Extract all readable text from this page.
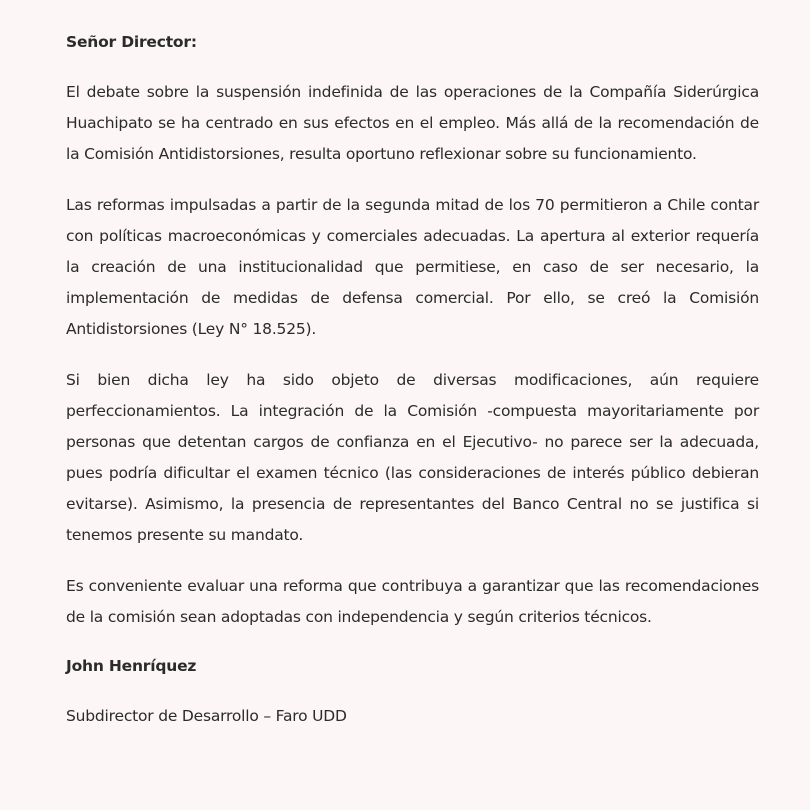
Señor Director:

El debate sobre la suspensión indefinida de las operaciones de la Compañía Siderúrgica Huachipato se ha centrado en sus efectos en el empleo. Más allá de la recomendación de la Comisión Antidistorsiones, resulta oportuno reflexionar sobre su funcionamiento.

Las reformas impulsadas a partir de la segunda mitad de los 70 permitieron a Chile contar con políticas macroeconómicas y comerciales adecuadas. La apertura al exterior requería la creación de una institucionalidad que permitiese, en caso de ser necesario, la implementación de medidas de defensa comercial. Por ello, se creó la Comisión Antidistorsiones (Ley N° 18.525).

Si bien dicha ley ha sido objeto de diversas modificaciones, aún requiere perfeccionamientos. La integración de la Comisión -compuesta mayoritariamente por personas que detentan cargos de confianza en el Ejecutivo- no parece ser la adecuada, pues podría dificultar el examen técnico (las consideraciones de interés público debieran evitarse). Asimismo, la presencia de representantes del Banco Central no se justifica si tenemos presente su mandato.

Es conveniente evaluar una reforma que contribuya a garantizar que las recomendaciones de la comisión sean adoptadas con independencia y según criterios técnicos.

John Henríquez

Subdirector de Desarrollo – Faro UDD
